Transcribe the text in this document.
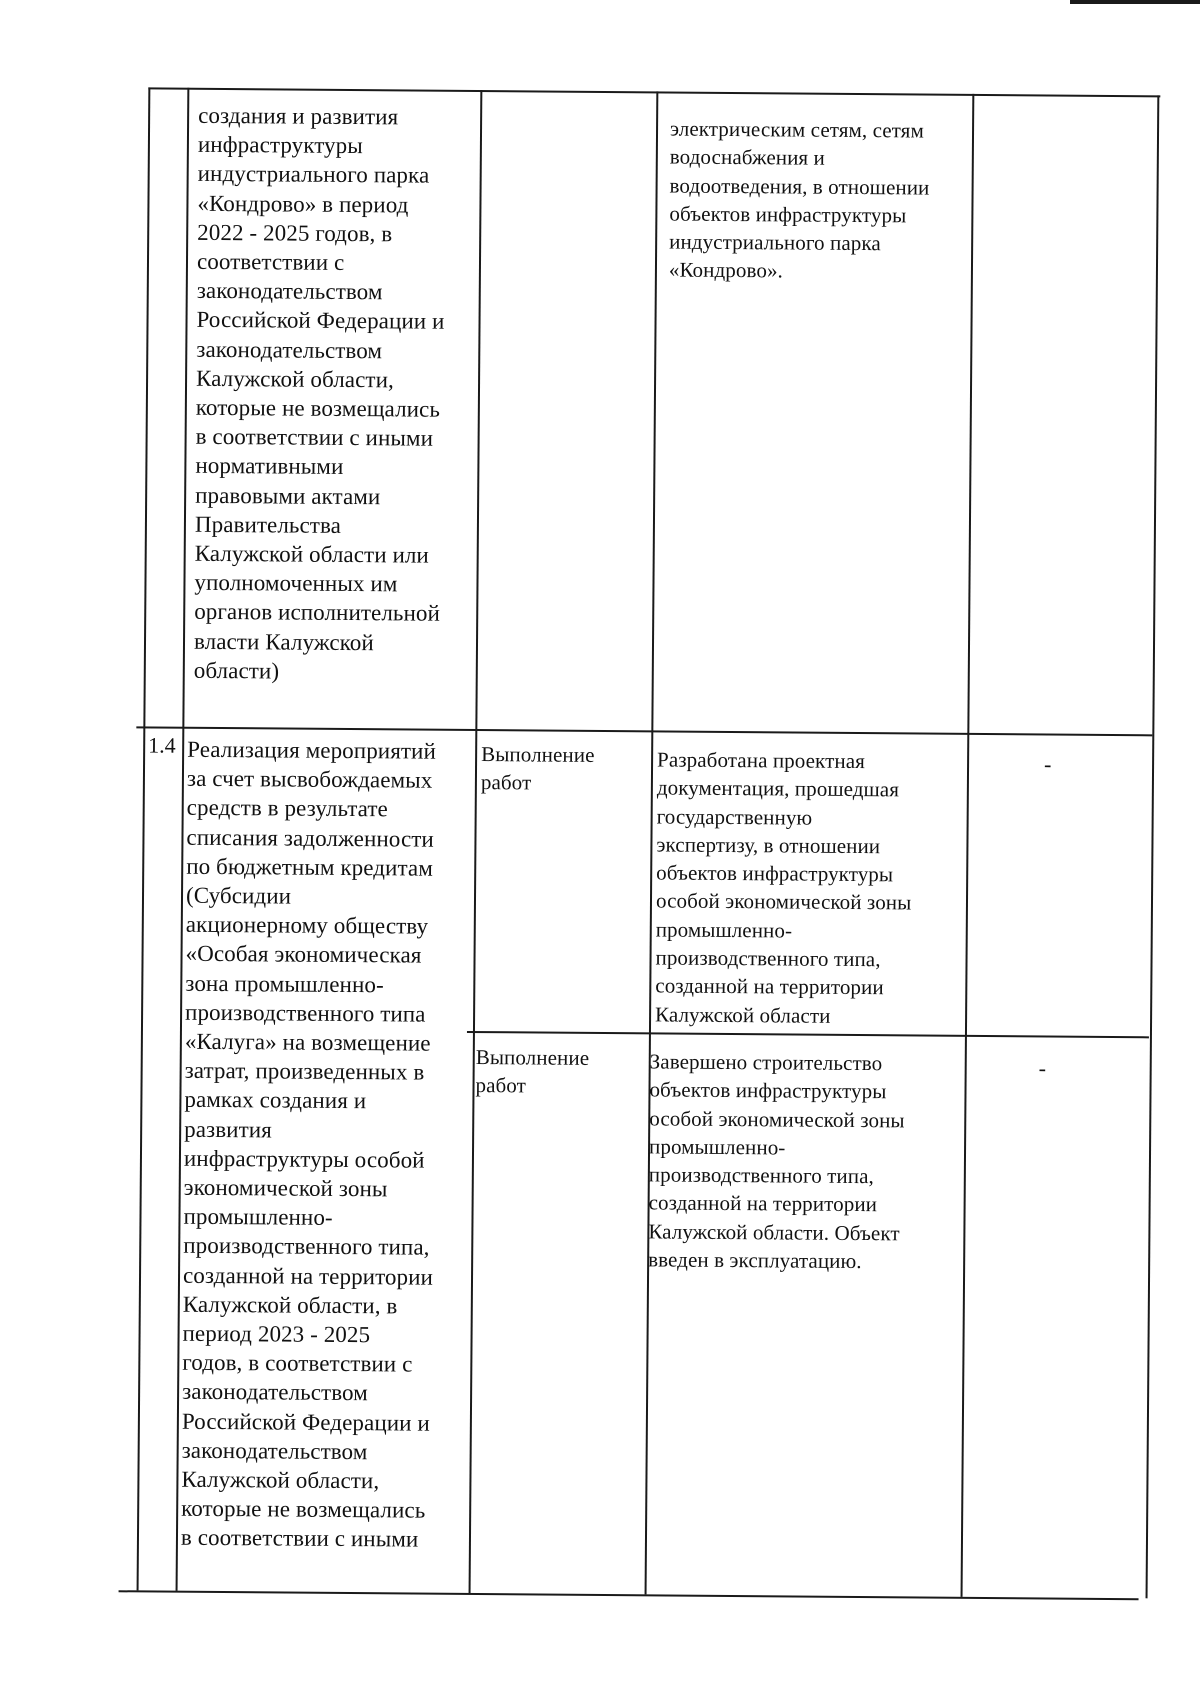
создания и развития
инфраструктуры
индустриального парка
«Кондрово» в период
2022 - 2025 годов, в
соответствии с
законодательством
Российской Федерации и
законодательством
Калужской области,
которые не возмещались
в соответствии с иными
нормативными
правовыми актами
Правительства
Калужской области или
уполномоченных им
органов исполнительной
власти Калужской
области)
электрическим сетям, сетям
водоснабжения и
водоотведения, в отношении
объектов инфраструктуры
индустриального парка
«Кондрово».
1.4 Реализация мероприятий
за счет высвобождаемых
средств в результате
списания задолженности
по бюджетным кредитам
(Субсидии
акционерному обществу
«Особая экономическая
зона промышленно-
производственного типа
«Калуга» на возмещение
затрат, произведенных в
рамках создания и
развития
инфраструктуры особой
экономической зоны
промышленно-
производственного типа,
созданной на территории
Калужской области, в
период 2023 - 2025
годов, в соответствии с
законодательством
Российской Федерации и
законодательством
Калужской области,
которые не возмещались
в соответствии с иными
Выполнение
работ
Разработана проектная
документация, прошедшая
государственную
экспертизу, в отношении
объектов инфраструктуры
особой экономической зоны
промышленно-
производственного типа,
созданной на территории
Калужской области
-
Выполнение
работ
Завершено строительство
объектов инфраструктуры
особой экономической зоны
промышленно-
производственного типа,
созданной на территории
Калужской области. Объект
введен в эксплуатацию.
-
